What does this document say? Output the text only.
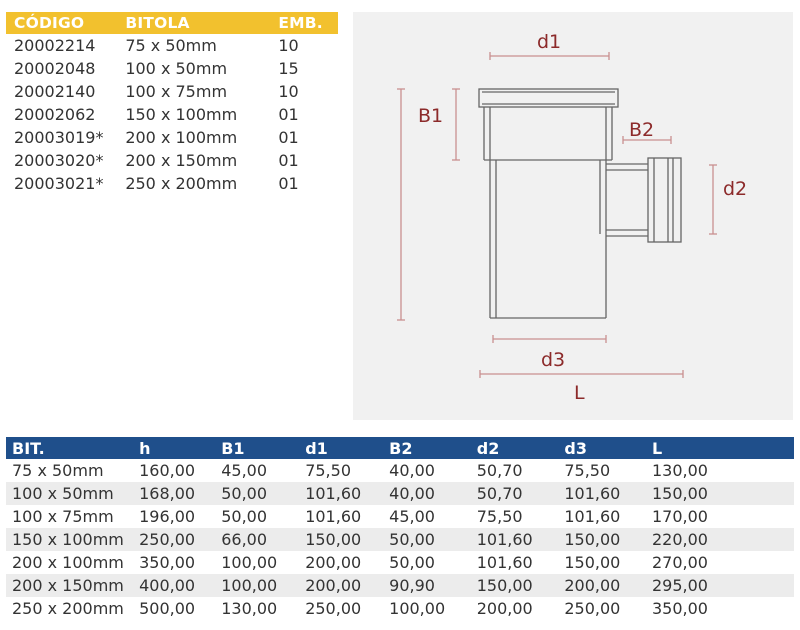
CÓDIGO	BITOLA	EMB.
20002214	75 x 50mm	10
20002048	100 x 50mm	15
20002140	100 x 75mm	10
20002062	150 x 100mm	01
20003019*	200 x 100mm	01
20003020*	200 x 150mm	01
20003021*	250 x 200mm	01
d1
B1
B2
d2
d3
L
BIT.	h	B1	d1	B2	d2	d3	L
75 x 50mm	160,00	45,00	75,50	40,00	50,70	75,50	130,00
100 x 50mm	168,00	50,00	101,60	40,00	50,70	101,60	150,00
100 x 75mm	196,00	50,00	101,60	45,00	75,50	101,60	170,00
150 x 100mm	250,00	66,00	150,00	50,00	101,60	150,00	220,00
200 x 100mm	350,00	100,00	200,00	50,00	101,60	150,00	270,00
200 x 150mm	400,00	100,00	200,00	90,90	150,00	200,00	295,00
250 x 200mm	500,00	130,00	250,00	100,00	200,00	250,00	350,00
